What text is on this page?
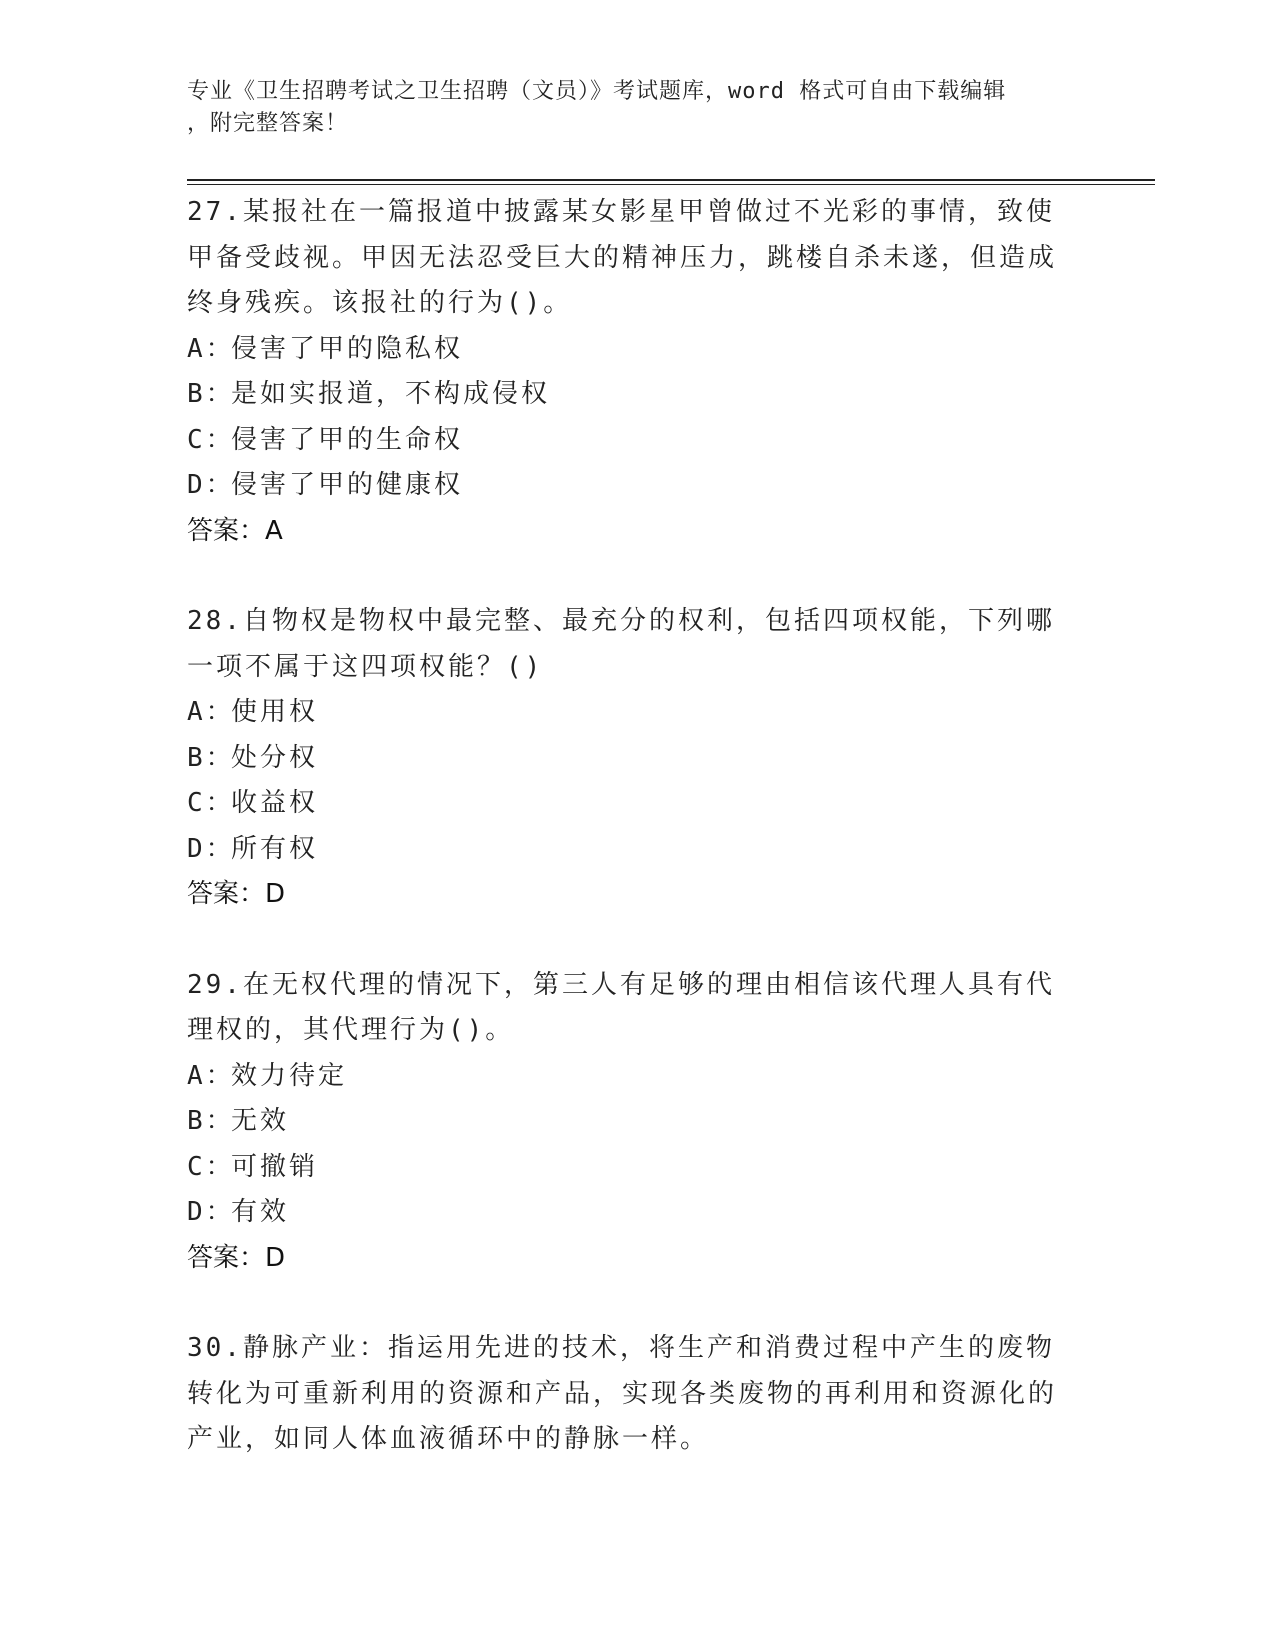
专业《卫生招聘考试之卫生招聘（文员）》考试题库，word 格式可自由下载编辑
，附完整答案！
27.某报社在一篇报道中披露某女影星甲曾做过不光彩的事情，致使甲备受歧视。甲因无法忍受巨大的精神压力，跳楼自杀未遂，但造成终身残疾。该报社的行为()。
A：
侵害了甲的隐私权
B：
是如实报道，不构成侵权
C：
侵害了甲的生命权
D：
侵害了甲的健康权
答案：A
28.自物权是物权中最完整、最充分的权利，包括四项权能，下列哪一项不属于这四项权能？()
A：
使用权
B：
处分权
C：
收益权
D：
所有权
答案：D
29.在无权代理的情况下，第三人有足够的理由相信该代理人具有代理权的，其代理行为()。
A：
效力待定
B：
无效
C：
可撤销
D：
有效
答案：D
30.静脉产业：指运用先进的技术，将生产和消费过程中产生的废物转化为可重新利用的资源和产品，实现各类废物的再利用和资源化的产业，如同人体血液循环中的静脉一样。
